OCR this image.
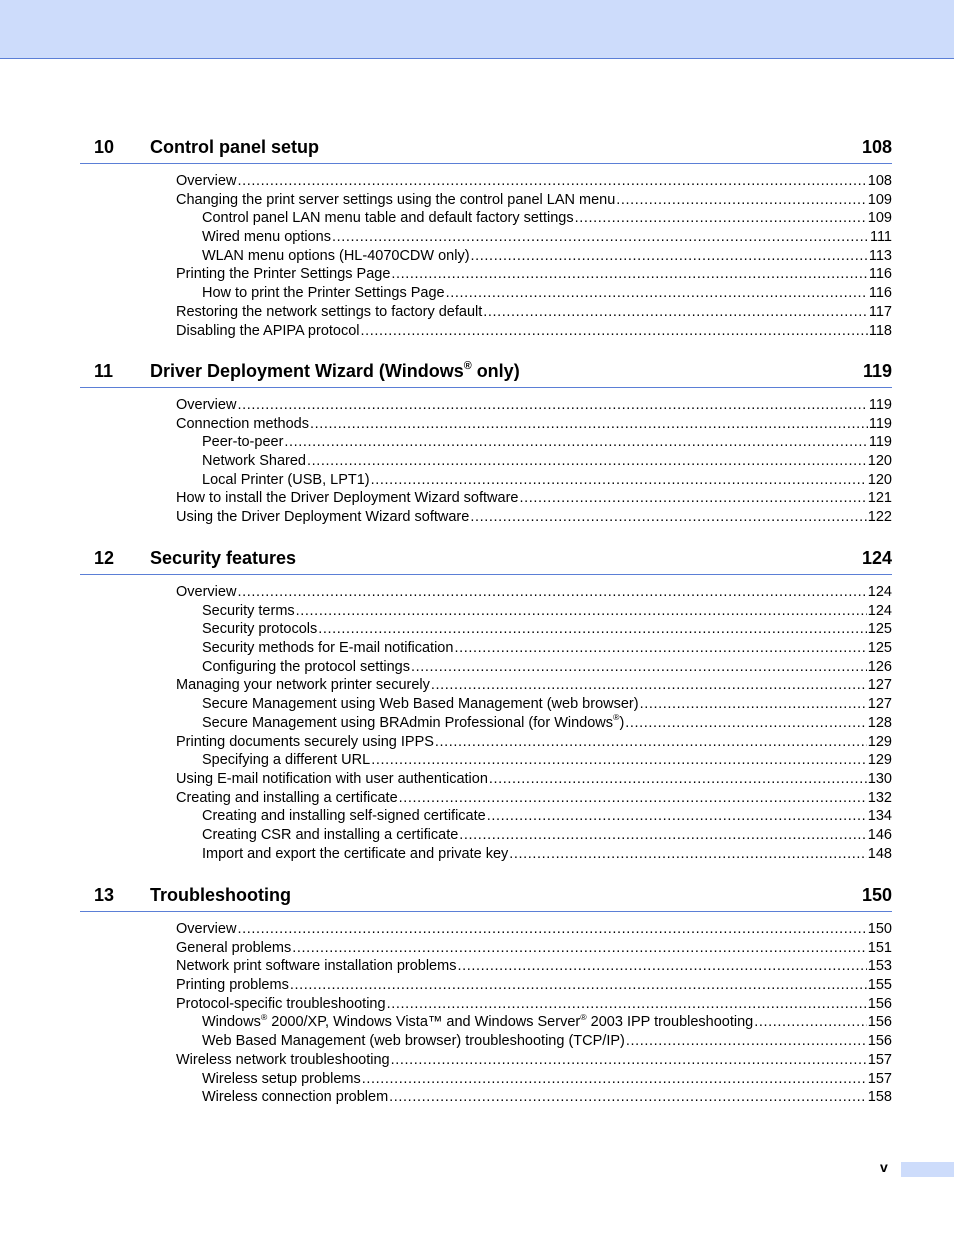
10 Control panel setup	108
Overview .....	108
Changing the print server settings using the control panel LAN menu .....	109
Control panel LAN menu table and default factory settings .....	109
Wired menu options .....	111
WLAN menu options (HL-4070CDW only) .....	113
Printing the Printer Settings Page .....	116
How to print the Printer Settings Page .....	116
Restoring the network settings to factory default .....	117
Disabling the APIPA protocol .....	118
11 Driver Deployment Wizard (Windows® only)	119
Overview .....	119
Connection methods .....	119
Peer-to-peer .....	119
Network Shared .....	120
Local Printer (USB, LPT1) .....	120
How to install the Driver Deployment Wizard software .....	121
Using the Driver Deployment Wizard software .....	122
12 Security features	124
Overview .....	124
Security terms .....	124
Security protocols .....	125
Security methods for E-mail notification .....	125
Configuring the protocol settings .....	126
Managing your network printer securely .....	127
Secure Management using Web Based Management (web browser) .....	127
Secure Management using BRAdmin Professional (for Windows®) .....	128
Printing documents securely using IPPS .....	129
Specifying a different URL .....	129
Using E-mail notification with user authentication .....	130
Creating and installing a certificate .....	132
Creating and installing self-signed certificate .....	134
Creating CSR and installing a certificate .....	146
Import and export the certificate and private key .....	148
13 Troubleshooting	150
Overview .....	150
General problems .....	151
Network print software installation problems .....	153
Printing problems .....	155
Protocol-specific troubleshooting .....	156
Windows® 2000/XP, Windows Vista™ and Windows Server® 2003 IPP troubleshooting .....	156
Web Based Management (web browser) troubleshooting (TCP/IP) .....	156
Wireless network troubleshooting .....	157
Wireless setup problems .....	157
Wireless connection problem .....	158
v
